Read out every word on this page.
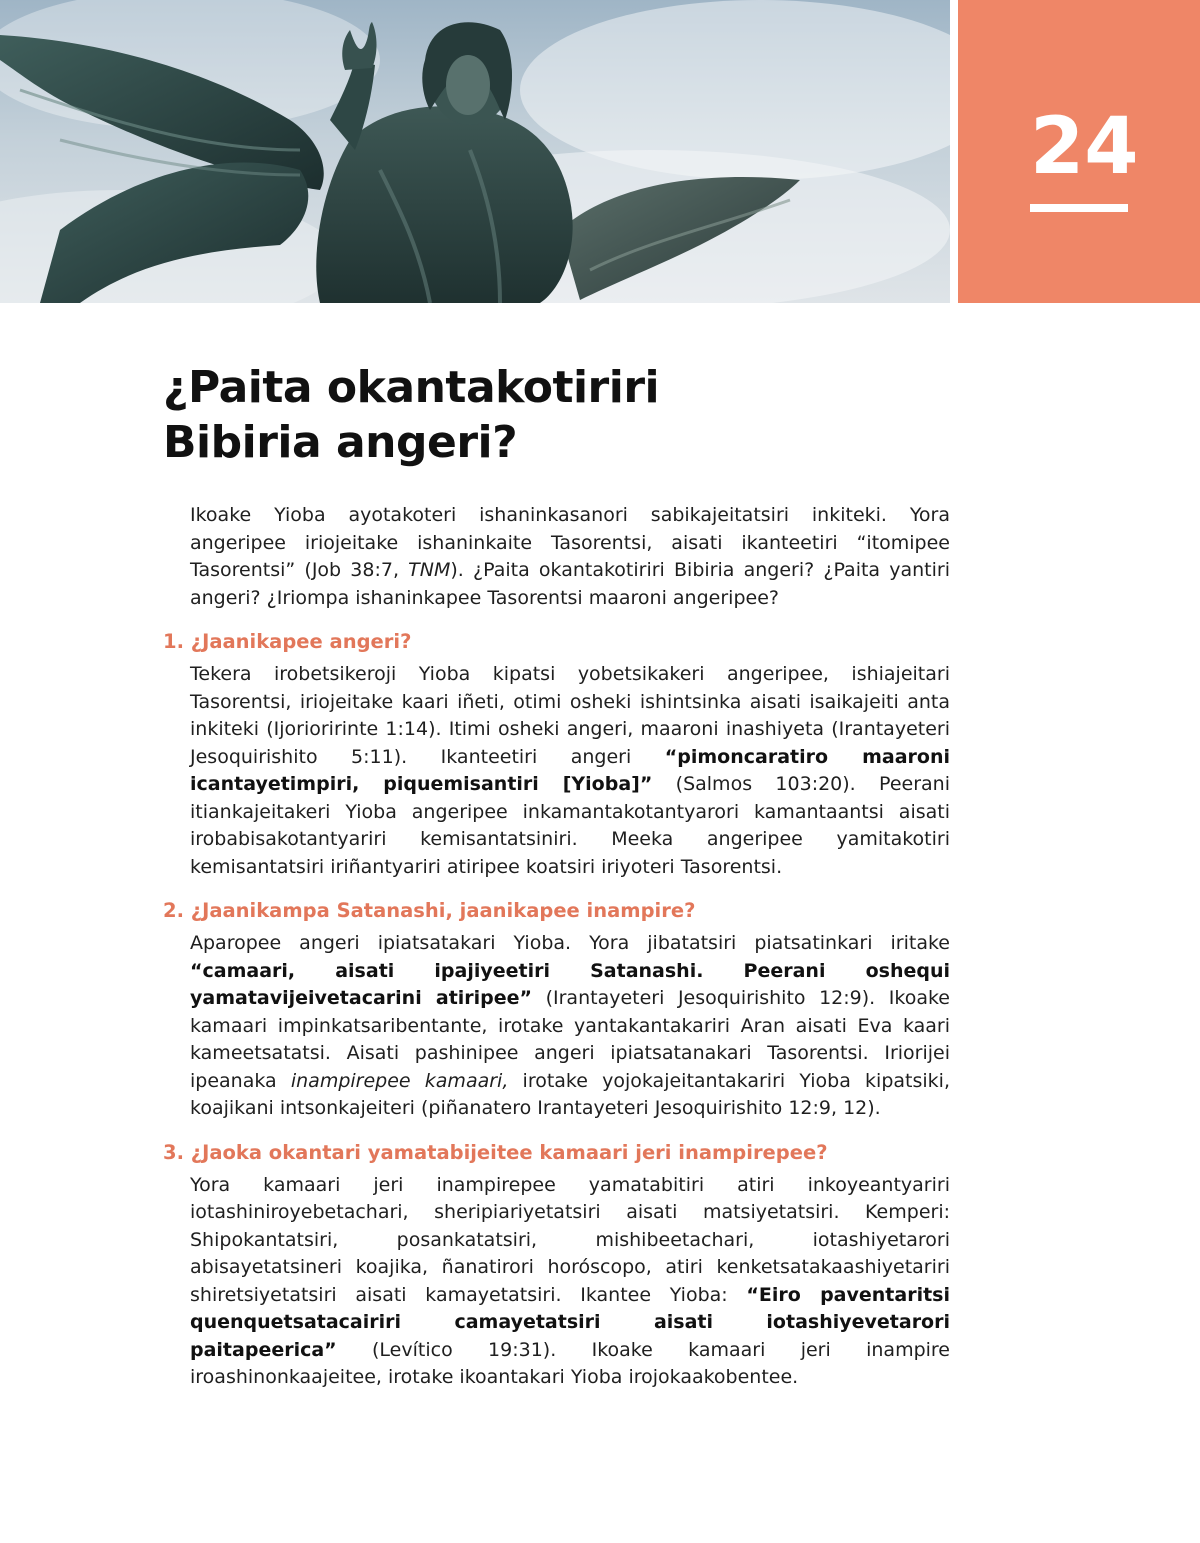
24
¿Paita okantakotiriri
Bibiria angeri?

Ikoake Yioba ayotakoteri ishaninkasanori sabikajeitatsiri inkiteki. Yora angeripee iriojeitake ishaninkaite Tasorentsi, aisati ikanteetiri “itomipee Tasorentsi” (Job 38:7, TNM). ¿Paita okantakotiriri Bibiria angeri? ¿Paita yantiri angeri? ¿Iriompa ishaninkapee Tasorentsi maaroni angeripee?

1. ¿Jaanikapee angeri?

Tekera irobetsikeroji Yioba kipatsi yobetsikakeri angeripee, ishiajeitari Tasorentsi, iriojeitake kaari iñeti, otimi osheki ishintsinka aisati isaikajeiti anta inkiteki (Ijorioririnte 1:14). Itimi osheki angeri, maaroni inashiyeta (Irantayeteri Jesoquirishito 5:11). Ikanteetiri angeri “pimoncaratiro maaroni icantayetimpiri, piquemisantiri [Yioba]” (Salmos 103:20). Peerani itiankajeitakeri Yioba angeripee inkamantakotantyarori kamantaantsi aisati irobabisakotantyariri kemisantatsiniri. Meeka angeripee yamitakotiri kemisantatsiri iriñantyariri atiripee koatsiri iriyoteri Tasorentsi.

2. ¿Jaanikampa Satanashi, jaanikapee inampire?

Aparopee angeri ipiatsatakari Yioba. Yora jibatatsiri piatsatinkari iritake “camaari, aisati ipajiyeetiri Satanashi. Peerani oshequi yamatavijeivetacarini atiripee” (Irantayeteri Jesoquirishito 12:9). Ikoake kamaari impinkatsaribentante, irotake yantakantakariri Aran aisati Eva kaari kameetsatatsi. Aisati pashinipee angeri ipiatsatanakari Tasorentsi. Iriorijei ipeanaka inampirepee kamaari, irotake yojokajeitantakariri Yioba kipatsiki, koajikani intsonkajeiteri (piñanatero Irantayeteri Jesoquirishito 12:9, 12).

3. ¿Jaoka okantari yamatabijeitee kamaari jeri inampirepee?

Yora kamaari jeri inampirepee yamatabitiri atiri inkoyeantyariri iotashiniroyebetachari, sheripiariyetatsiri aisati matsiyetatsiri. Kemperi: Shipokantatsiri, posankatatsiri, mishibeetachari, iotashiyetarori abisayetatsineri koajika, ñanatirori horóscopo, atiri kenketsatakaashiyetariri shiretsiyetatsiri aisati kamayetatsiri. Ikantee Yioba: “Eiro paventaritsi quenquetsatacairiri camayetatsiri aisati iotashiyevetarori paitapeerica” (Levítico 19:31). Ikoake kamaari jeri inampire iroashinonkaajeitee, irotake ikoantakari Yioba irojokaakobentee.
